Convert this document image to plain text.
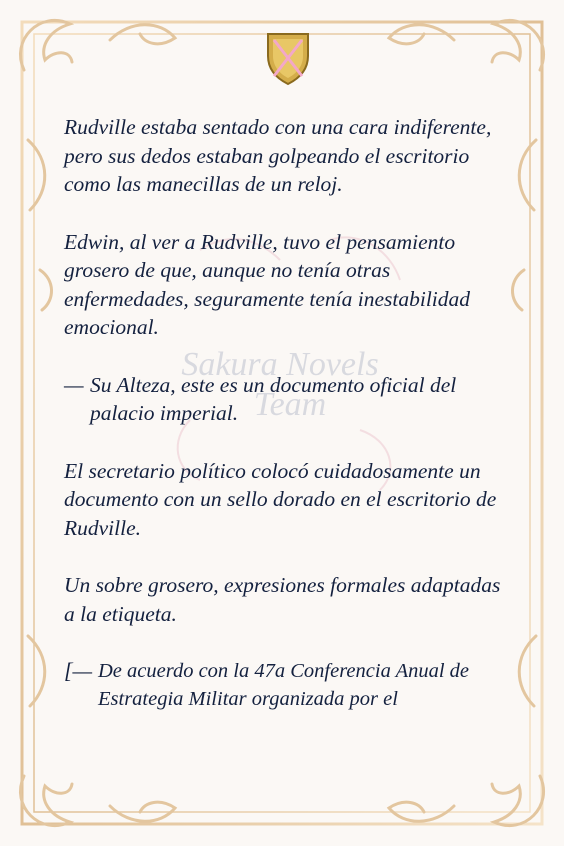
Sakura Novels
Team

Rudville estaba sentado con una cara indiferente, pero sus dedos estaban golpeando el escritorio como las manecillas de un reloj.

Edwin, al ver a Rudville, tuvo el pensamiento grosero de que, aunque no tenía otras enfermedades, seguramente tenía inestabilidad emocional.

— Su Alteza, este es un documento oficial del palacio imperial.

El secretario político colocó cuidadosamente un documento con un sello dorado en el escritorio de Rudville.

Un sobre grosero, expresiones formales adaptadas a la etiqueta.

[— De acuerdo con la 47a Conferencia Anual de Estrategia Militar organizada por el
